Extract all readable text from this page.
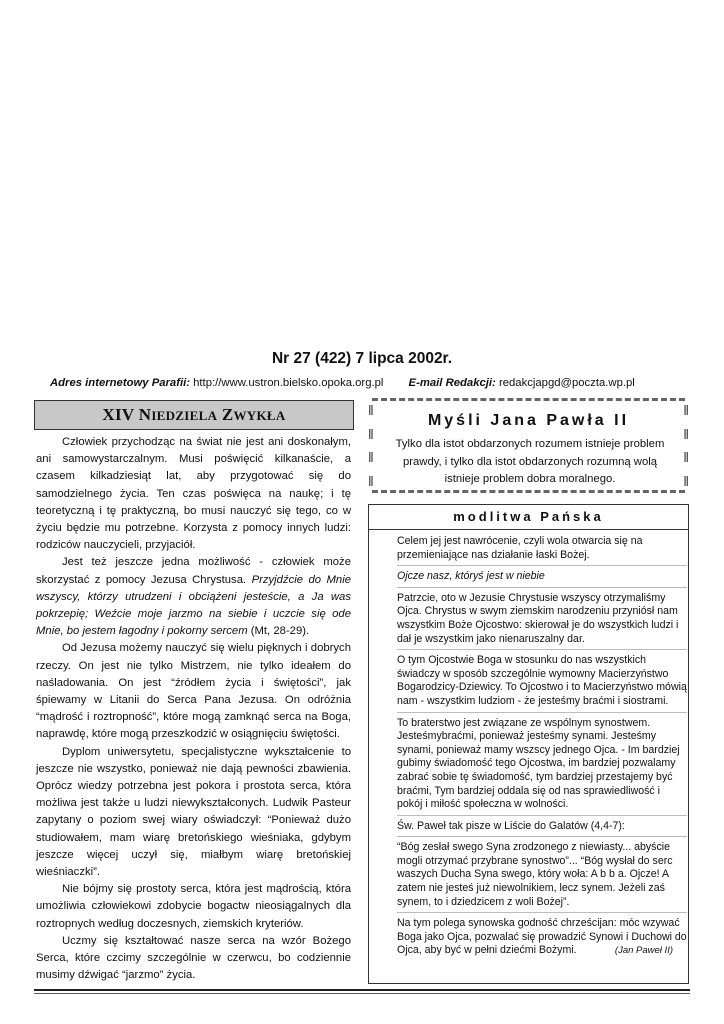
Nr 27 (422) 7 lipca 2002r.
Adres internetowy Parafii: http://www.ustron.bielsko.opoka.org.pl E-mail Redakcji: redakcjapgd@poczta.wp.pl
XIV NIEDZIELA ZWYKŁA

Człowiek przychodząc na świat nie jest ani doskonałym, ani samowystarczalnym. Musi poświęcić kilkanaście, a czasem kilkadziesiąt lat, aby przygotować się do samodzielnego życia. Ten czas poświęca na naukę; i tę teoretyczną i tę praktyczną, bo musi nauczyć się tego, co w życiu będzie mu potrzebne. Korzysta z pomocy innych ludzi: rodziców nauczycieli, przyjaciół.

Jest też jeszcze jedna możliwość - człowiek może skorzystać z pomocy Jezusa Chrystusa. Przyjdźcie do Mnie wszyscy, którzy utrudzeni i obciążeni jesteście, a Ja was pokrzepię; Weźcie moje jarzmo na siebie i uczcie się ode Mnie, bo jestem łagodny i pokorny sercem (Mt, 28-29).

Od Jezusa możemy nauczyć się wielu pięknych i dobrych rzeczy. On jest nie tylko Mistrzem, nie tylko ideałem do naśladowania. On jest “źródłem życia i świętości”, jak śpiewamy w Litanii do Serca Pana Jezusa. On odróżnia “mądrość i roztropność”, które mogą zamknąć serca na Boga, naprawdę, które mogą przeszkodzić w osiągnięciu świętości.

Dyplom uniwersytetu, specjalistyczne wykształcenie to jeszcze nie wszystko, ponieważ nie dają pewności zbawienia. Oprócz wiedzy potrzebna jest pokora i prostota serca, która możliwa jest także u ludzi niewykształconych. Ludwik Pasteur zapytany o poziom swej wiary oświadczył: “Ponieważ dużo studiowałem, mam wiarę bretońskiego wieśniaka, gdybym jeszcze więcej uczył się, miałbym wiarę bretońskiej wieśniaczki”.

Nie bójmy się prostoty serca, która jest mądrością, która umożliwia człowiekowi zdobycie bogactw nieosiągalnych dla roztropnych według doczesnych, ziemskich kryteriów.

Uczmy się kształtować nasze serca na wzór Bożego Serca, które czcimy szczególnie w czerwcu, bo codziennie musimy dźwigać “jarzmo” życia.

ǁ
ǁ
ǁ
ǁ
ǁ
ǁ
ǁ
ǁ
Myśli Jana Pawła II
Tylko dla istot obdarzonych rozumem istnieje problem prawdy, i tylko dla istot obdarzonych rozumną wolą istnieje problem dobra moralnego.
modlitwa Pańska
Celem jej jest nawrócenie, czyli wola otwarcia się na przemieniające nas działanie łaski Bożej.
Ojcze nasz, któryś jest w niebie
Patrzcie, oto w Jezusie Chrystusie wszyscy otrzymaliśmy Ojca. Chrystus w swym ziemskim narodzeniu przyniósł nam wszystkim Boże Ojcostwo: skierował je do wszystkich ludzi i dał je wszystkim jako nienaruszalny dar.
O tym Ojcostwie Boga w stosunku do nas wszystkich świadczy w sposób szczególnie wymowny Macierzyństwo Bogarodzicy-Dziewicy. To Ojcostwo i to Macierzyństwo mówią nam - wszystkim ludziom - że jesteśmy braćmi i siostrami.
To braterstwo jest związane ze wspólnym synostwem. Jesteśmybraćmi, ponieważ jesteśmy synami. Jesteśmy synami, ponieważ mamy wszscy jednego Ojca. - Im bardziej gubimy świadomość tego Ojcostwa, im bardziej pozwalamy zabrać sobie tę świadomość, tym bardziej przestajemy być braćmi, Tym bardziej oddala się od nas sprawiedliwość i pokój i miłość społeczna w wolności.
Św. Paweł tak pisze w Liście do Galatów (4,4-7):
“Bóg zesłał swego Syna zrodzonego z niewiasty... abyście mogli otrzymać przybrane synostwo”... “Bóg wysłał do serc waszych Ducha Syna swego, który woła: A b b a. Ojcze! A zatem nie jesteś już niewolnikiem, lecz synem. Jeżeli zaś synem, to i dziedzicem z woli Bożej”.
Na tym polega synowska godność chrześcijan: móc wzywać Boga jako Ojca, pozwalać się prowadzić Synowi i Duchowi do Ojca, aby być w pełni dziećmi Bożymi.	(Jan Paweł II)
